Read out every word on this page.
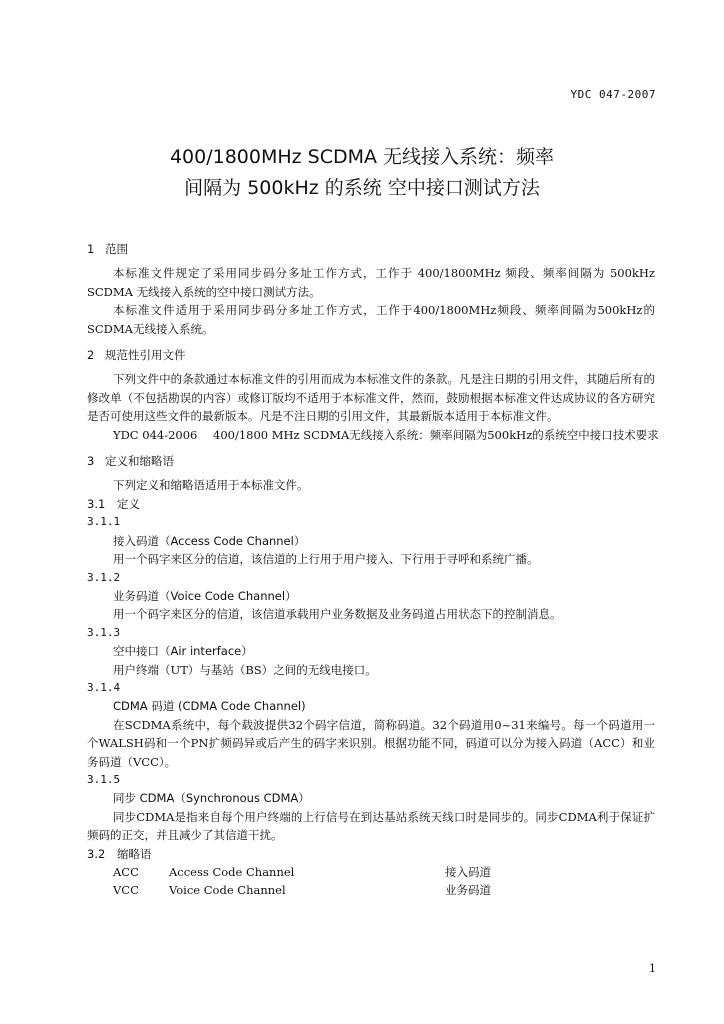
YDC 047-2007
400/1800MHz SCDMA 无线接入系统：频率
间隔为 500kHz 的系统 空中接口测试方法
1 范围

本标准文件规定了采用同步码分多址工作方式，工作于 400/1800MHz 频段、频率间隔为 500kHz SCDMA 无线接入系统的空中接口测试方法。

本标准文件适用于采用同步码分多址工作方式，工作于400/1800MHz频段、频率间隔为500kHz的SCDMA无线接入系统。

2 规范性引用文件

下列文件中的条款通过本标准文件的引用而成为本标准文件的条款。凡是注日期的引用文件，其随后所有的修改单（不包括勘误的内容）或修订版均不适用于本标准文件，然而，鼓励根据本标准文件达成协议的各方研究是否可使用这些文件的最新版本。凡是不注日期的引用文件，其最新版本适用于本标准文件。

YDC 044-2006 400/1800 MHz SCDMA无线接入系统：频率间隔为500kHz的系统空中接口技术要求
3 定义和缩略语

下列定义和缩略语适用于本标准文件。

3.1 定义
3.1.1
接入码道（Access Code Channel）
用一个码字来区分的信道，该信道的上行用于用户接入、下行用于寻呼和系统广播。
3.1.2
业务码道（Voice Code Channel）
用一个码字来区分的信道，该信道承载用户业务数据及业务码道占用状态下的控制消息。
3.1.3
空中接口（Air interface）
用户终端（UT）与基站（BS）之间的无线电接口。
3.1.4
CDMA 码道 (CDMA Code Channel)

在SCDMA系统中，每个载波提供32个码字信道，简称码道。32个码道用0~31来编号。每一个码道用一个WALSH码和一个PN扩频码异或后产生的码字来识别。根据功能不同，码道可以分为接入码道（ACC）和业务码道（VCC）。

3.1.5
同步 CDMA（Synchronous CDMA）

同步CDMA是指来自每个用户终端的上行信号在到达基站系统天线口时是同步的。同步CDMA利于保证扩频码的正交，并且减少了其信道干扰。

3.2 缩略语
ACC	Access Code Channel	接入码道
VCC	Voice Code Channel	业务码道
1
